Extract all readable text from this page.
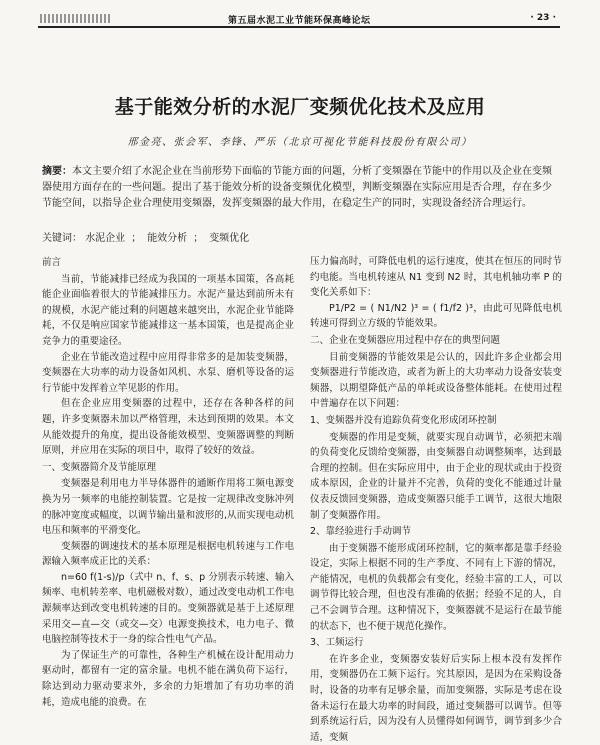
第五届水泥工业节能环保高峰论坛	· 23 ·
基于能效分析的水泥厂变频优化技术及应用
邢金亮、张会军、李锋、严乐（北京可视化节能科技股份有限公司）
摘要：本文主要介绍了水泥企业在当前形势下面临的节能方面的问题，分析了变频器在节能中的作用以及企业在变频器使用方面存在的一些问题。提出了基于能效分析的设备变频优化模型，判断变频器在实际应用是否合理，存在多少节能空间，以指导企业合理使用变频器，发挥变频器的最大作用，在稳定生产的同时，实现设备经济合理运行。
关键词： 水泥企业 ； 能效分析 ； 变频优化

前言

当前，节能减排已经成为我国的一项基本国策，各高耗能企业面临着很大的节能减排压力。水泥产量达到前所未有的规模，水泥产能过剩的问题越来越突出，水泥企业节能降耗，不仅是响应国家节能减排这一基本国策，也是提高企业竞争力的重要途径。

企业在节能改造过程中应用得非常多的是加装变频器，变频器在大功率的动力设备如风机、水泵、磨机等设备的运行节能中发挥着立竿见影的作用。

但在企业应用变频器的过程中，还存在各种各样的问题，许多变频器未加以严格管理，未达到预期的效果。本文从能效提升的角度，提出设备能效模型、变频器调整的判断原则，并应用在实际的项目中，取得了较好的效益。

一、变频器简介及节能原理

变频器是利用电力半导体器件的通断作用将工频电源变换为另一频率的电能控制装置。它是按一定规律改变脉冲列的脉冲宽度或幅度，以调节输出量和波形的,从而实现电动机电压和频率的平滑变化。

变频器的调速技术的基本原理是根据电机转速与工作电源输入频率成正比的关系：

n=60 f(1-s)/p（式中 n、f、s、p 分别表示转速、输入频率、电机转差率、电机磁极对数），通过改变电动机工作电源频率达到改变电机转速的目的。变频器就是基于上述原理采用交—直—交（或交—交）电源变换技术，电力电子、微电脑控制等技术于一身的综合性电气产品。

为了保证生产的可靠性，各种生产机械在设计配用动力驱动时，都留有一定的富余量。电机不能在满负荷下运行，除达到动力驱动要求外，多余的力矩增加了有功功率的消耗，造成电能的浪费。在

压力偏高时，可降低电机的运行速度，使其在恒压的同时节约电能。当电机转速从 N1 变到 N2 时，其电机轴功率 P 的变化关系如下：

P1/P2 = ( N1/N2 )³ = ( f1/f2 )³，由此可见降低电机转速可得到立方级的节能效果。

二、企业在变频器应用过程中存在的典型问题

目前变频器的节能效果是公认的，因此许多企业都会用变频器进行节能改造，或者为新上的大功率动力设备安装变频器，以期望降低产品的单耗或设备整体能耗。在使用过程中普遍存在以下问题：

1、变频器并没有追踪负荷变化形成闭环控制

变频器的作用是变频，就要实现自动调节，必须把末端的负荷变化反馈给变频器，由变频器自动调整频率，达到最合理的控制。但在实际应用中，由于企业的现状或由于投资成本原因，企业的计量并不完善，负荷的变化不能通过计量仪表反馈回变频器，造成变频器只能手工调节，这很大地限制了变频器作用。

2、靠经验进行手动调节

由于变频器不能形成闭环控制，它的频率都是靠手经验设定，实际上根据不同的生产季度、不同有上下游的情况，产能情况，电机的负载都会有变化，经验丰富的工人，可以调节得比较合理，但也没有准确的依据；经验不足的人，自己不会调节合理。这种情况下，变频器就不是运行在最节能的状态下，也不便于规范化操作。

3、工频运行

在许多企业，变频器安装好后实际上根本没有发挥作用，变频器仍在工频下运行。究其原因，是因为在采购设备时，设备的功率有足够余量，而加变频器，实际是考虑在设备未运行在最大功率的时间段，通过变频器可以调节。但等到系统运行后，因为没有人员懂得如何调节，调节到多少合适，变频
